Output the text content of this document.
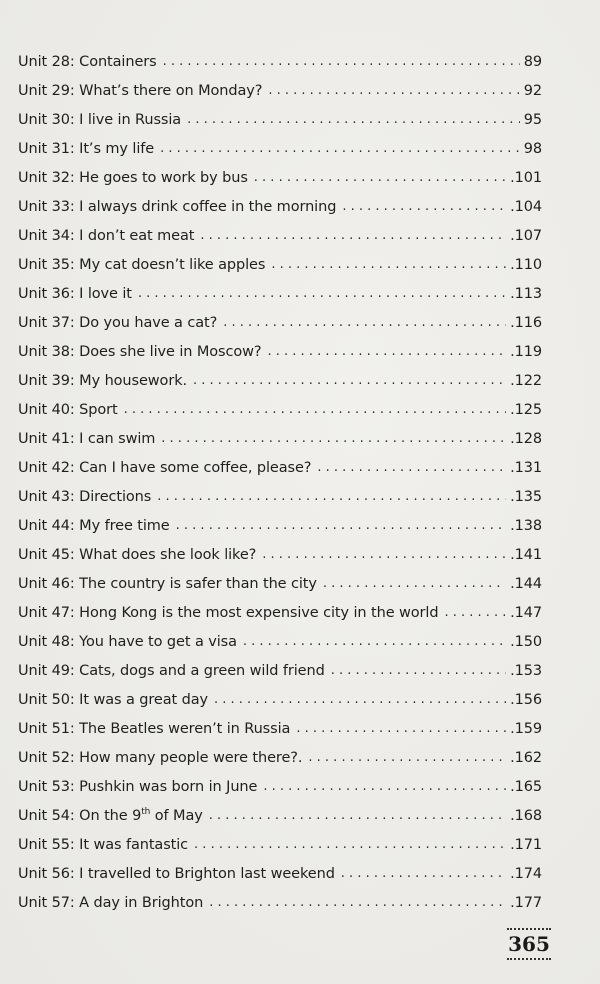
Unit 28: Containers . . .	89
Unit 29: What’s there on Monday? . . .	92
Unit 30: I live in Russia . . .	95
Unit 31: It’s my life . . .	98
Unit 32: He goes to work by bus . . .	.101
Unit 33: I always drink coffee in the morning . . .	.104
Unit 34: I don’t eat meat . . .	.107
Unit 35: My cat doesn’t like apples . . .	.110
Unit 36: I love it . . .	.113
Unit 37: Do you have a cat? . . .	.116
Unit 38: Does she live in Moscow? . . .	.119
Unit 39: My housework. . . .	.122
Unit 40: Sport . . .	.125
Unit 41: I can swim . . .	.128
Unit 42: Can I have some coffee, please? . . .	.131
Unit 43: Directions . . .	.135
Unit 44: My free time . . .	.138
Unit 45: What does she look like? . . .	.141
Unit 46: The country is safer than the city . . .	.144
Unit 47: Hong Kong is the most expensive city in the world . . .	.147
Unit 48: You have to get a visa . . .	.150
Unit 49: Cats, dogs and a green wild friend . . .	.153
Unit 50: It was a great day . . .	.156
Unit 51: The Beatles weren’t in Russia . . .	.159
Unit 52: How many people were there?. . . .	.162
Unit 53: Pushkin was born in June . . .	.165
Unit 54: On the 9th of May . . .	.168
Unit 55: It was fantastic . . .	.171
Unit 56: I travelled to Brighton last weekend . . .	.174
Unit 57: A day in Brighton . . .	.177
365
